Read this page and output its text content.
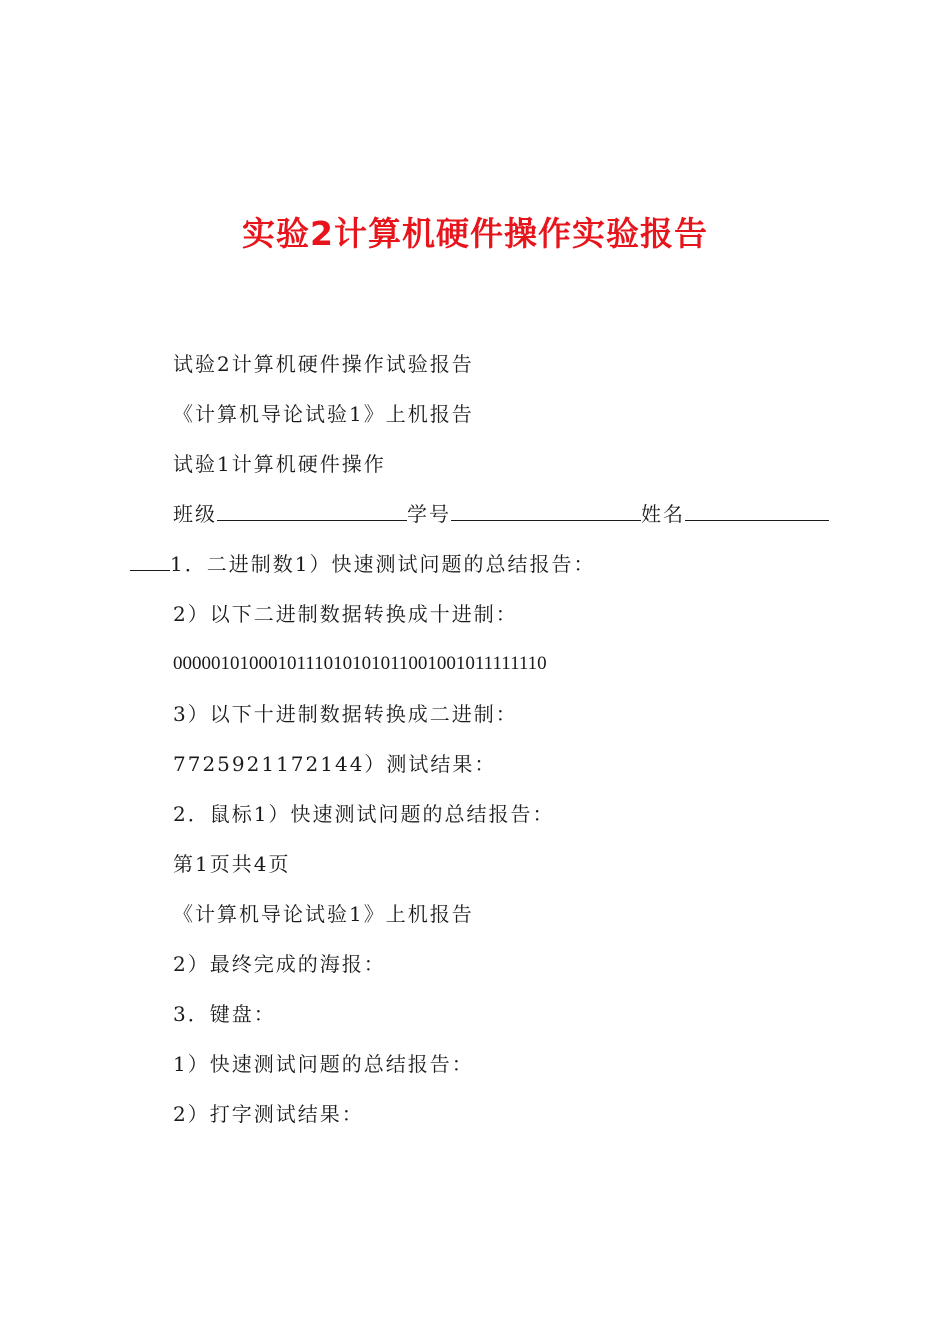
实验2计算机硬件操作实验报告

试验2计算机硬件操作试验报告

《计算机导论试验1》上机报告

试验1计算机硬件操作

班级	学号	姓名

1．二进制数1）快速测试问题的总结报告：

2）以下二进制数据转换成十进制：

0000010100010111010101011001001011111110

3）以下十进制数据转换成二进制：

7725921172144）测试结果：

2．鼠标1）快速测试问题的总结报告：

第1页共4页

《计算机导论试验1》上机报告

2）最终完成的海报：

3．键盘：

1）快速测试问题的总结报告：

2）打字测试结果：
